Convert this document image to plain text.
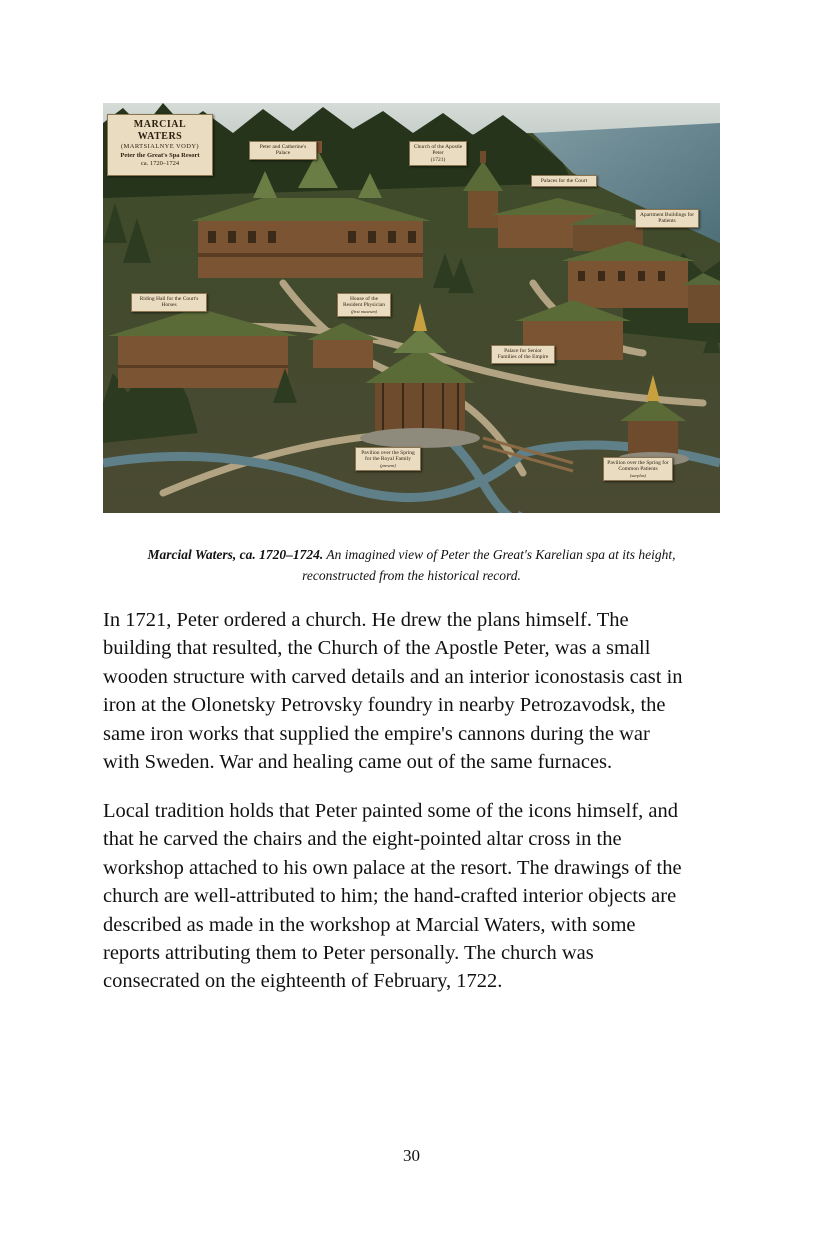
MARCIAL WATERS
(MARTSIALNYE VODY)
Peter the Great's Spa Resort
ca. 1720–1724
Peter and Catherine's Palace
Church of the Apostle Peter
(1721)
Palaces for the Court
Apartment Buildings for Patients
Riding Hall for the Court's Horses
House of the Resident Physician
(first museum)
Palace for Senior Families of the Empire
Pavilion over the Spring for the Royal Family
(present)	Pavilion over the Spring for Common Patients
(surplus)
Marcial Waters, ca. 1720–1724. An imagined view of Peter the Great's Karelian spa at its height,
reconstructed from the historical record.
In 1721, Peter ordered a church. He drew the plans himself. The
building that resulted, the Church of the Apostle Peter, was a small
wooden structure with carved details and an interior iconostasis cast in
iron at the Olonetsky Petrovsky foundry in nearby Petrozavodsk, the
same iron works that supplied the empire's cannons during the war
with Sweden. War and healing came out of the same furnaces.
Local tradition holds that Peter painted some of the icons himself, and
that he carved the chairs and the eight-pointed altar cross in the
workshop attached to his own palace at the resort. The drawings of the
church are well-attributed to him; the hand-crafted interior objects are
described as made in the workshop at Marcial Waters, with some
reports attributing them to Peter personally. The church was
consecrated on the eighteenth of February, 1722.
30
